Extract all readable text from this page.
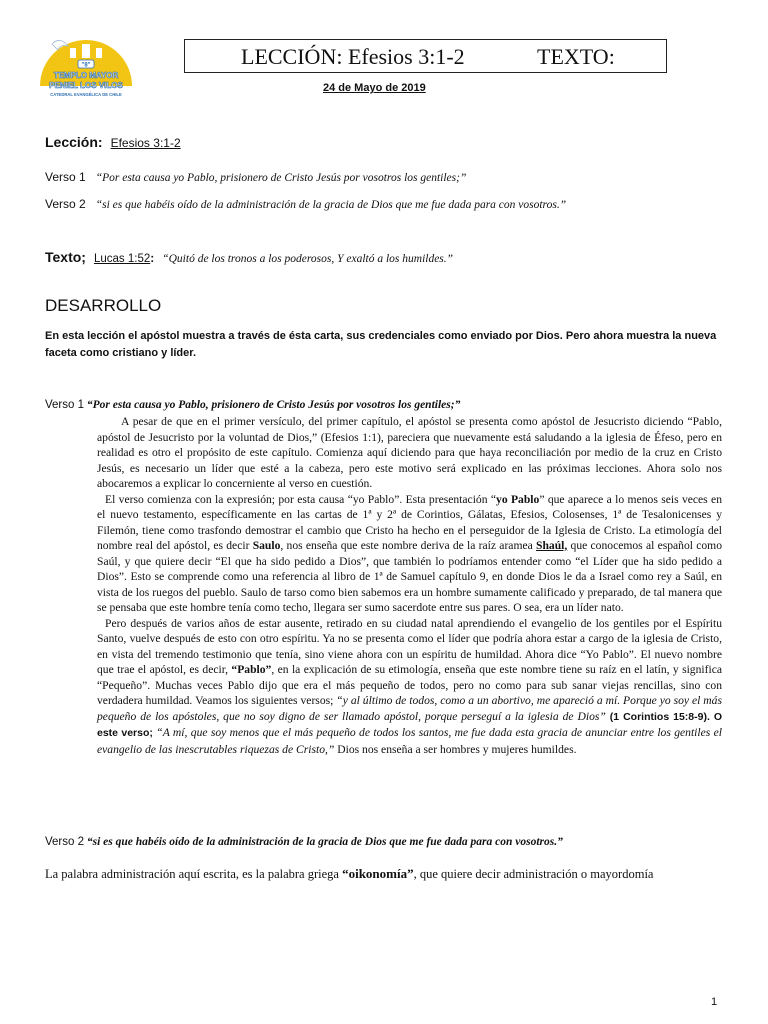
"8"
TEMPLO MAYOR
PENIEL LOS VILOS
CATEDRAL EVANGÉLICA DE CHILE
LECCIÓN: Efesios 3:1-2	TEXTO:
24 de Mayo de 2019
Lección: Efesios 3:1-2
Verso 1 “Por esta causa yo Pablo, prisionero de Cristo Jesús por vosotros los gentiles;”
Verso 2 “si es que habéis oído de la administración de la gracia de Dios que me fue dada para con vosotros.”
Texto; Lucas 1:52: “Quitó de los tronos a los poderosos, Y exaltó a los humildes.”
DESARROLLO
En esta lección el apóstol muestra a través de ésta carta, sus credenciales como enviado por Dios. Pero ahora muestra la nueva faceta como cristiano y líder.
Verso 1 “Por esta causa yo Pablo, prisionero de Cristo Jesús por vosotros los gentiles;”

A pesar de que en el primer versículo, del primer capítulo, el apóstol se presenta como apóstol de Jesucristo diciendo “Pablo, apóstol de Jesucristo por la voluntad de Dios,” (Efesios 1:1), pareciera que nuevamente está saludando a la iglesia de Éfeso, pero en realidad es otro el propósito de este capítulo. Comienza aquí diciendo para que haya reconciliación por medio de la cruz en Cristo Jesús, es necesario un líder que esté a la cabeza, pero este motivo será explicado en las próximas lecciones. Ahora solo nos abocaremos a explicar lo concerniente al verso en cuestión.

El verso comienza con la expresión; por esta causa “yo Pablo”. Esta presentación “yo Pablo” que aparece a lo menos seis veces en el nuevo testamento, específicamente en las cartas de 1ª y 2ª de Corintios, Gálatas, Efesios, Colosenses, 1ª de Tesalonicenses y Filemón, tiene como trasfondo demostrar el cambio que Cristo ha hecho en el perseguidor de la Iglesia de Cristo. La etimología del nombre real del apóstol, es decir Saulo, nos enseña que este nombre deriva de la raíz aramea Shaúl, que conocemos al español como Saúl, y que quiere decir “El que ha sido pedido a Dios”, que también lo podríamos entender como “el Líder que ha sido pedido a Dios”. Esto se comprende como una referencia al libro de 1ª de Samuel capítulo 9, en donde Dios le da a Israel como rey a Saúl, en vista de los ruegos del pueblo. Saulo de tarso como bien sabemos era un hombre sumamente calificado y preparado, de tal manera que se pensaba que este hombre tenía como techo, llegara ser sumo sacerdote entre sus pares. O sea, era un líder nato.

Pero después de varios años de estar ausente, retirado en su ciudad natal aprendiendo el evangelio de los gentiles por el Espíritu Santo, vuelve después de esto con otro espíritu. Ya no se presenta como el líder que podría ahora estar a cargo de la iglesia de Cristo, en vista del tremendo testimonio que tenía, sino viene ahora con un espíritu de humildad. Ahora dice “Yo Pablo”. El nuevo nombre que trae el apóstol, es decir, “Pablo”, en la explicación de su etimología, enseña que este nombre tiene su raíz en el latín, y significa “Pequeño”. Muchas veces Pablo dijo que era el más pequeño de todos, pero no como para sub sanar viejas rencillas, sino con verdadera humildad. Veamos los siguientes versos; “y al último de todos, como a un abortivo, me apareció a mí. Porque yo soy el más pequeño de los apóstoles, que no soy digno de ser llamado apóstol, porque perseguí a la iglesia de Dios” (1 Corintios 15:8-9). O este verso; “A mí, que soy menos que el más pequeño de todos los santos, me fue dada esta gracia de anunciar entre los gentiles el evangelio de las inescrutables riquezas de Cristo,” Dios nos enseña a ser hombres y mujeres humildes.

Verso 2 “si es que habéis oído de la administración de la gracia de Dios que me fue dada para con vosotros.”
La palabra administración aquí escrita, es la palabra griega “oikonomía”, que quiere decir administración o mayordomía
1
